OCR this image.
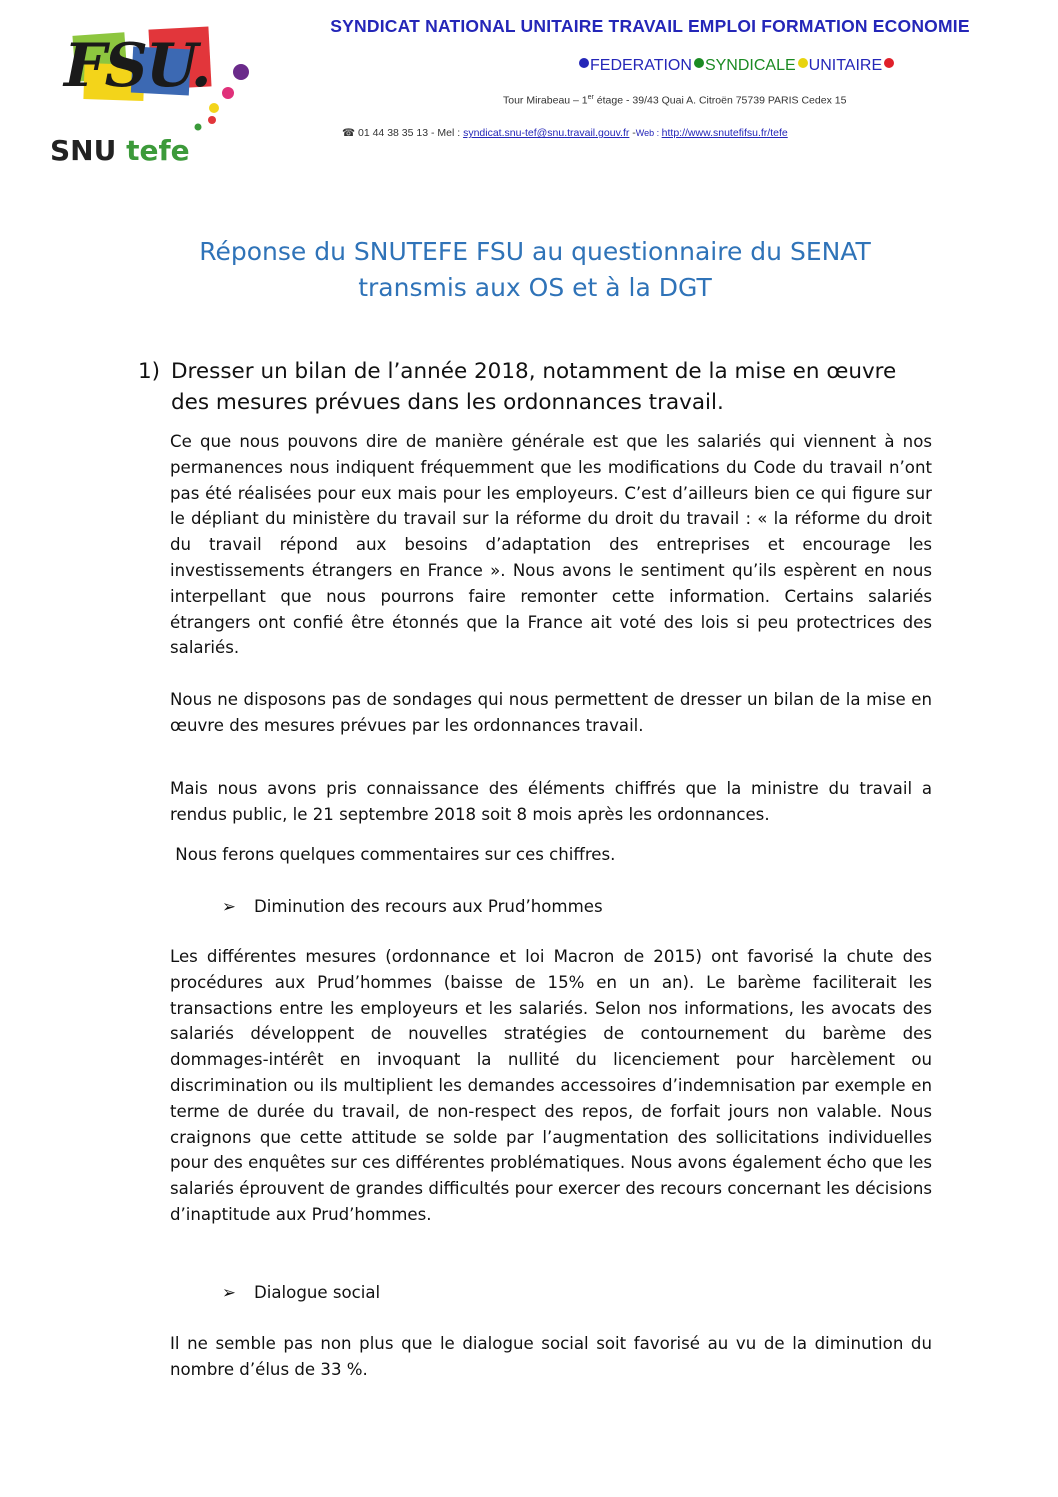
FSU.
SNU tefe
SYNDICAT NATIONAL UNITAIRE TRAVAIL EMPLOI FORMATION ECONOMIE
FEDERATION SYNDICALE UNITAIRE
Tour Mirabeau – 1er étage - 39/43 Quai A. Citroën 75739 PARIS Cedex 15
☎ 01 44 38 35 13 - Mel : syndicat.snu-tef@snu.travail.gouv.fr -Web : http://www.snutefifsu.fr/tefe
Réponse du SNUTEFE FSU au questionnaire du SENAT
transmis aux OS et à la DGT
1) Dresser un bilan de l’année 2018, notamment de la mise en œuvre des mesures prévues dans les ordonnances travail.

Ce que nous pouvons dire de manière générale est que les salariés qui viennent à nos permanences nous indiquent fréquemment que les modifications du Code du travail n’ont pas été réalisées pour eux mais pour les employeurs. C’est d’ailleurs bien ce qui figure sur le dépliant du ministère du travail sur la réforme du droit du travail : « la réforme du droit du travail répond aux besoins d’adaptation des entreprises et encourage les investissements étrangers en France ». Nous avons le sentiment qu’ils espèrent en nous interpellant que nous pourrons faire remonter cette information. Certains salariés étrangers ont confié être étonnés que la France ait voté des lois si peu protectrices des salariés.

Nous ne disposons pas de sondages qui nous permettent de dresser un bilan de la mise en œuvre des mesures prévues par les ordonnances travail.

Mais nous avons pris connaissance des éléments chiffrés que la ministre du travail a rendus public, le 21 septembre 2018 soit 8 mois après les ordonnances.

Nous ferons quelques commentaires sur ces chiffres.

➢ Diminution des recours aux Prud’hommes

Les différentes mesures (ordonnance et loi Macron de 2015) ont favorisé la chute des procédures aux Prud’hommes (baisse de 15% en un an). Le barème faciliterait les transactions entre les employeurs et les salariés. Selon nos informations, les avocats des salariés développent de nouvelles stratégies de contournement du barème des dommages-intérêt en invoquant la nullité du licenciement pour harcèlement ou discrimination ou ils multiplient les demandes accessoires d’indemnisation par exemple en terme de durée du travail, de non-respect des repos, de forfait jours non valable. Nous craignons que cette attitude se solde par l’augmentation des sollicitations individuelles pour des enquêtes sur ces différentes problématiques. Nous avons également écho que les salariés éprouvent de grandes difficultés pour exercer des recours concernant les décisions d’inaptitude aux Prud’hommes.

➢ Dialogue social

Il ne semble pas non plus que le dialogue social soit favorisé au vu de la diminution du nombre d’élus de 33 %.
